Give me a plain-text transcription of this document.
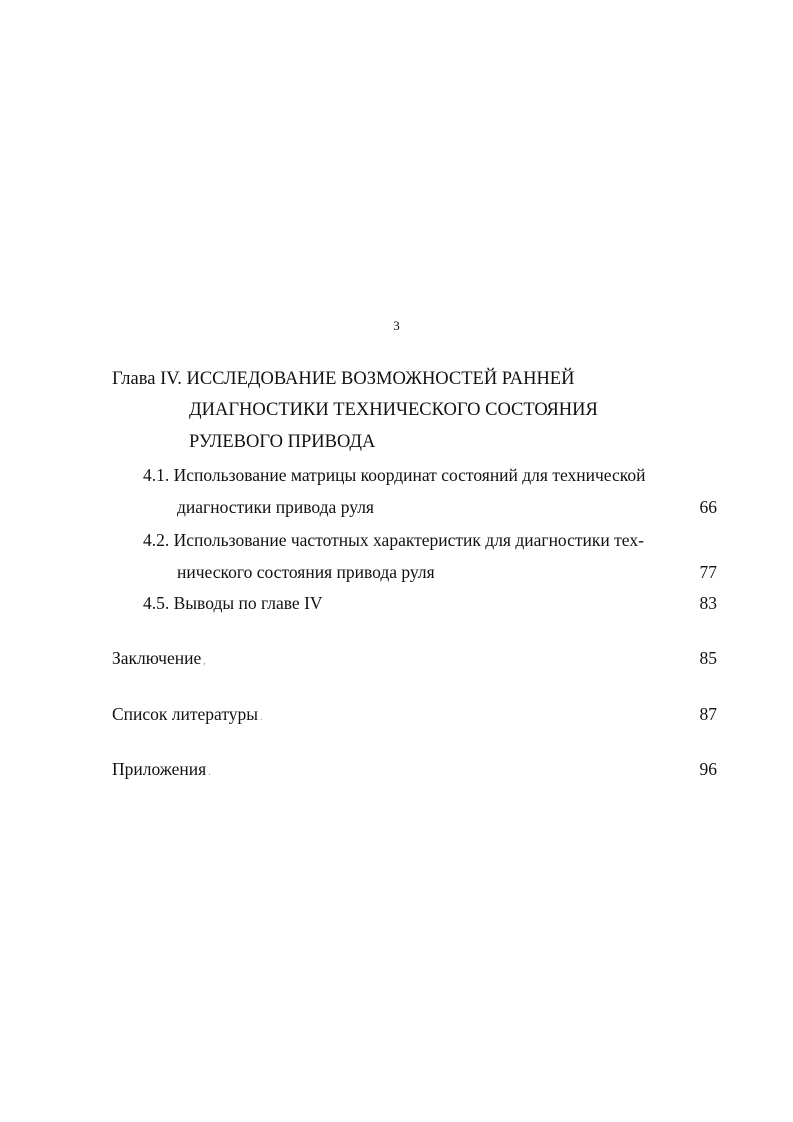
3
Глава IV. ИССЛЕДОВАНИЕ ВОЗМОЖНОСТЕЙ РАННЕЙ
ДИАГНОСТИКИ ТЕХНИЧЕСКОГО СОСТОЯНИЯ
РУЛЕВОГО ПРИВОДА
4.1. Использование матрицы координат состояний для технической
диагностики привода руля	66
4.2. Использование частотных характеристик для диагностики тех-
нического состояния привода руля	77
4.5. Выводы по главе IV	83
Заключение ,	85
Список литературы .	87
Приложения .	96
